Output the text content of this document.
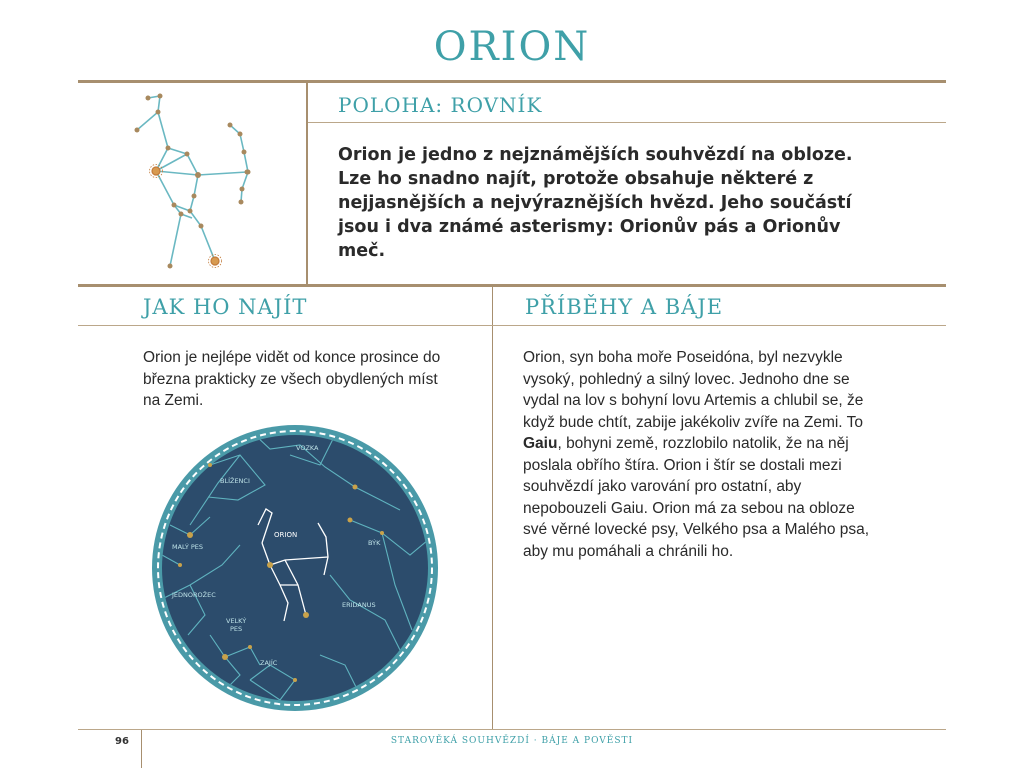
ORION
POLOHA: ROVNÍK
Orion je jedno z nejznámějších souhvězdí na obloze. Lze ho snadno najít, protože obsahuje některé z nejjasnějších a nejvýraznějších hvězd. Jeho součástí jsou i dva známé asterismy: Orionův pás a Orionův meč.
JAK HO NAJÍT
Orion je nejlépe vidět od konce prosince do března prakticky ze všech obydlených míst na Zemi.
VOZKA
BLÍŽENCI
ORION
BÝK
MALÝ PES
JEDNOROŽEC
ERIDANUS
VELKÝ
PES
ZAJÍC
PŘÍBĚHY A BÁJE
Orion, syn boha moře Poseidóna, byl nezvykle vysoký, pohledný a silný lovec. Jednoho dne se vydal na lov s bohyní lovu Artemis a chlubil se, že když bude chtít, zabije jakékoliv zvíře na Zemi. To Gaiu, bohyni země, rozzlobilo natolik, že na něj poslala obřího štíra. Orion i štír se dostali mezi souhvězdí jako varování pro ostatní, aby nepobouzeli Gaiu. Orion má za sebou na obloze své věrné lovecké psy, Velkého psa a Malého psa, aby mu pomáhali a chránili ho.
96	STAROVĚKÁ SOUHVĚZDÍ · BÁJE A POVĚSTI
